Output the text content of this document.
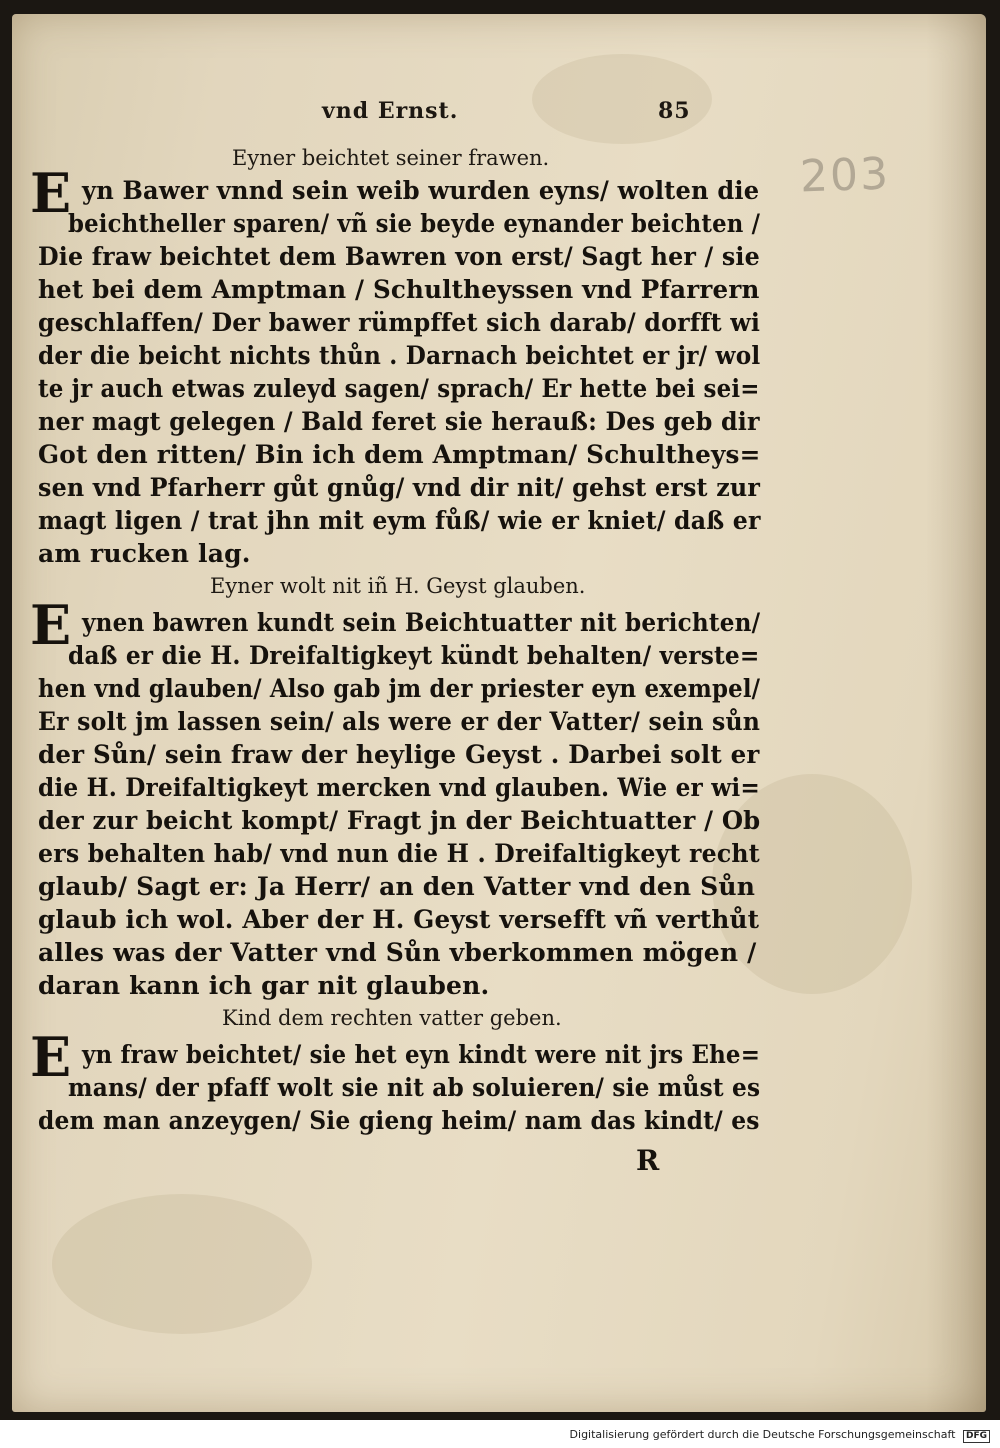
vnd Ernst.	85
203
Eyner beichtet seiner frawen.
E yn Bawer vnnd sein weib wurden eyns/ wolten die
beichtheller sparen/ vñ sie beyde eynander beichten /
Die fraw beichtet dem Bawren von erst/ Sagt her / sie
het bei dem Amptman / Schultheyssen vnd Pfarrern
geschlaffen/ Der bawer rümpffet sich darab/ dorfft wi
der die beicht nichts thůn . Darnach beichtet er jr/ wol
te jr auch etwas zuleyd sagen/ sprach/ Er hette bei sei=
ner magt gelegen / Bald feret sie herauß: Des geb dir
Got den ritten/ Bin ich dem Amptman/ Schultheys=
sen vnd Pfarherr gůt gnůg/ vnd dir nit/ gehst erst zur
magt ligen / trat jhn mit eym fůß/ wie er kniet/ daß er
am rucken lag.
Eyner wolt nit iñ H. Geyst glauben.
E ynen bawren kundt sein Beichtuatter nit berichten/
daß er die H. Dreifaltigkeyt kündt behalten/ verste=
hen vnd glauben/ Also gab jm der priester eyn exempel/
Er solt jm lassen sein/ als were er der Vatter/ sein sůn
der Sůn/ sein fraw der heylige Geyst . Darbei solt er
die H. Dreifaltigkeyt mercken vnd glauben. Wie er wi=
der zur beicht kompt/ Fragt jn der Beichtuatter / Ob
ers behalten hab/ vnd nun die H . Dreifaltigkeyt recht
glaub/ Sagt er: Ja Herr/ an den Vatter vnd den Sůn
glaub ich wol. Aber der H. Geyst versefft vñ verthůt
alles was der Vatter vnd Sůn vberkommen mögen /
daran kann ich gar nit glauben.
Kind dem rechten vatter geben.
E yn fraw beichtet/ sie het eyn kindt were nit jrs Ehe=
mans/ der pfaff wolt sie nit ab soluieren/ sie můst es
dem man anzeygen/ Sie gieng heim/ nam das kindt/ es
R
Digitalisierung gefördert durch die Deutsche Forschungsgemeinschaft DFG
